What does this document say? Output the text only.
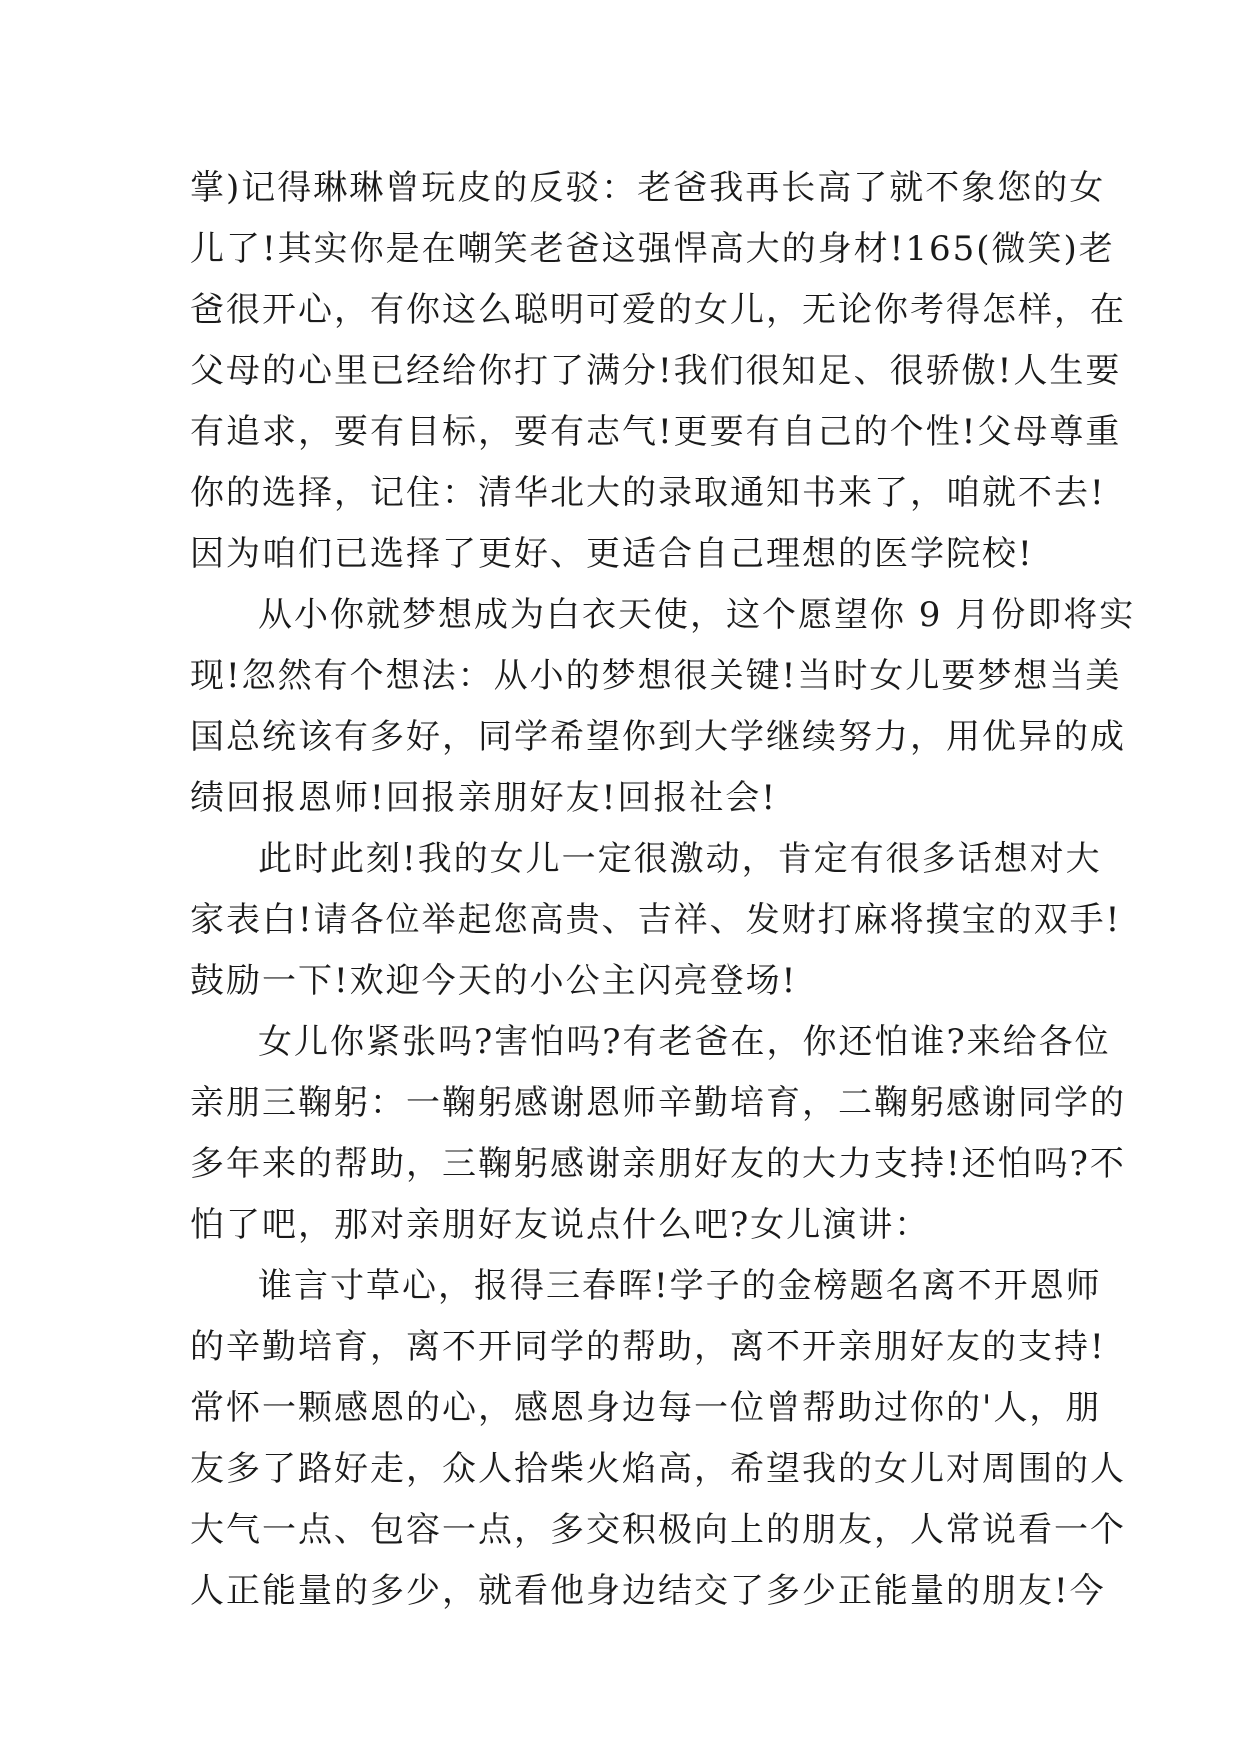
掌)记得琳琳曾玩皮的反驳：老爸我再长高了就不象您的女
儿了!其实你是在嘲笑老爸这强悍高大的身材!165(微笑)老
爸很开心，有你这么聪明可爱的女儿，无论你考得怎样，在
父母的心里已经给你打了满分!我们很知足、很骄傲!人生要
有追求，要有目标，要有志气!更要有自己的个性!父母尊重
你的选择，记住：清华北大的录取通知书来了，咱就不去!
因为咱们已选择了更好、更适合自己理想的医学院校!

从小你就梦想成为白衣天使，这个愿望你 9 月份即将实
现!忽然有个想法：从小的梦想很关键!当时女儿要梦想当美
国总统该有多好，同学希望你到大学继续努力，用优异的成
绩回报恩师!回报亲朋好友!回报社会!

此时此刻!我的女儿一定很激动，肯定有很多话想对大
家表白!请各位举起您高贵、吉祥、发财打麻将摸宝的双手!
鼓励一下!欢迎今天的小公主闪亮登场!

女儿你紧张吗?害怕吗?有老爸在，你还怕谁?来给各位
亲朋三鞠躬：一鞠躬感谢恩师辛勤培育，二鞠躬感谢同学的
多年来的帮助，三鞠躬感谢亲朋好友的大力支持!还怕吗?不
怕了吧，那对亲朋好友说点什么吧?女儿演讲：

谁言寸草心，报得三春晖!学子的金榜题名离不开恩师
的辛勤培育，离不开同学的帮助，离不开亲朋好友的支持!
常怀一颗感恩的心，感恩身边每一位曾帮助过你的'人，朋
友多了路好走，众人拾柴火焰高，希望我的女儿对周围的人
大气一点、包容一点，多交积极向上的朋友，人常说看一个
人正能量的多少，就看他身边结交了多少正能量的朋友!今
